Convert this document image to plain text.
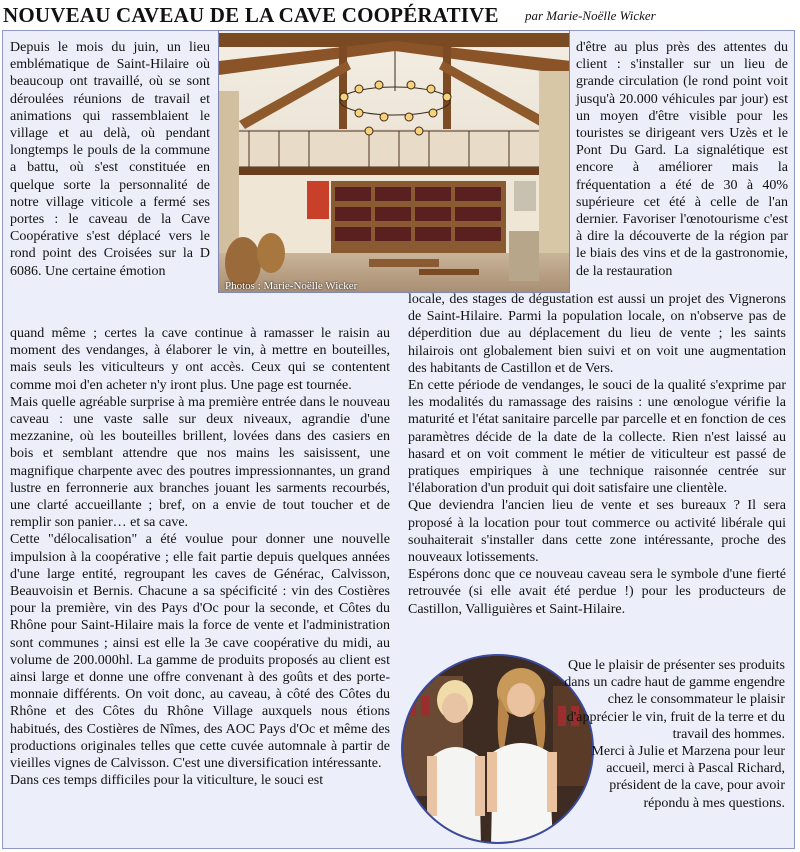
NOUVEAU CAVEAU DE LA CAVE COOPÉRATIVE par Marie-Noëlle Wicker
Photos : Marie-Noëlle Wicker

Depuis le mois du juin, un lieu emblématique de Saint-Hilaire où beaucoup ont travaillé, où se sont déroulées réunions de travail et animations qui rassemblaient le village et au delà, où pendant longtemps le pouls de la commune a battu, où s'est constituée en quelque sorte la personnalité de notre village viticole a fermé ses portes : le caveau de la Cave Coopérative s'est déplacé vers le rond point des Croisées sur la D 6086. Une certaine émotion

quand même ; certes la cave continue à ramasser le raisin au moment des vendanges, à élaborer le vin, à mettre en bouteilles, mais seuls les viticulteurs y ont accès. Ceux qui se contentent comme moi d'en acheter n'y iront plus. Une page est tournée.

Mais quelle agréable surprise à ma première entrée dans le nouveau caveau : une vaste salle sur deux niveaux, agrandie d'une mezzanine, où les bouteilles brillent, lovées dans des casiers en bois et semblant attendre que nos mains les saisissent, une magnifique charpente avec des poutres impressionnantes, un grand lustre en ferronnerie aux branches jouant les sarments recourbés, une clarté accueillante ; bref, on a envie de tout toucher et de remplir son panier… et sa cave.

Cette "délocalisation" a été voulue pour donner une nouvelle impulsion à la coopérative ; elle fait partie depuis quelques années d'une large entité, regroupant les caves de Générac, Calvisson, Beauvoisin et Bernis. Chacune a sa spécificité : vin des Costières pour la première, vin des Pays d'Oc pour la seconde, et Côtes du Rhône pour Saint-Hilaire mais la force de vente et l'administration sont communes ; ainsi est elle la 3e cave coopérative du midi, au volume de 200.000hl. La gamme de produits proposés au client est ainsi large et donne une offre convenant à des goûts et des porte-monnaie différents. On voit donc, au caveau, à côté des Côtes du Rhône et des Côtes du Rhône Village auxquels nous étions habitués, des Costières de Nîmes, des AOC Pays d'Oc et même des productions originales telles que cette cuvée automnale à partir de vieilles vignes de Calvisson. C'est une diversification intéressante.

Dans ces temps difficiles pour la viticulture, le souci est

d'être au plus près des attentes du client : s'installer sur un lieu de grande circulation (le rond point voit jusqu'à 20.000 véhicules par jour) est un moyen d'être visible pour les touristes se dirigeant vers Uzès et le Pont Du Gard. La signalétique est encore à améliorer mais la fréquentation a été de 30 à 40% supérieure cet été à celle de l'an dernier. Favoriser l'œnotourisme c'est à dire la découverte de la région par le biais des vins et de la gastronomie, de la restauration

locale, des stages de dégustation est aussi un projet des Vignerons de Saint-Hilaire. Parmi la population locale, on n'observe pas de déperdition due au déplacement du lieu de vente ; les saints hilairois ont globalement bien suivi et on voit une augmentation des habitants de Castillon et de Vers.

En cette période de vendanges, le souci de la qualité s'exprime par les modalités du ramassage des raisins : une œnologue vérifie la maturité et l'état sanitaire parcelle par parcelle et en fonction de ces paramètres décide de la date de la collecte. Rien n'est laissé au hasard et on voit comment le métier de viticulteur est passé de pratiques empiriques à une technique raisonnée centrée sur l'élaboration d'un produit qui doit satisfaire une clientèle.

Que deviendra l'ancien lieu de vente et ses bureaux ? Il sera proposé à la location pour tout commerce ou activité libérale qui souhaiterait s'installer dans cette zone intéressante, proche des nouveaux lotissements.

Espérons donc que ce nouveau caveau sera le symbole d'une fierté retrouvée (si elle avait été perdue !) pour les producteurs de Castillon, Valliguières et Saint-Hilaire.

Que le plaisir de présenter ses produits dans un cadre haut de gamme engendre chez le consommateur le plaisir d'apprécier le vin, fruit de la terre et du travail des hommes.

Merci à Julie et Marzena pour leur accueil, merci à Pascal Richard, président de la cave, pour avoir répondu à mes questions.
